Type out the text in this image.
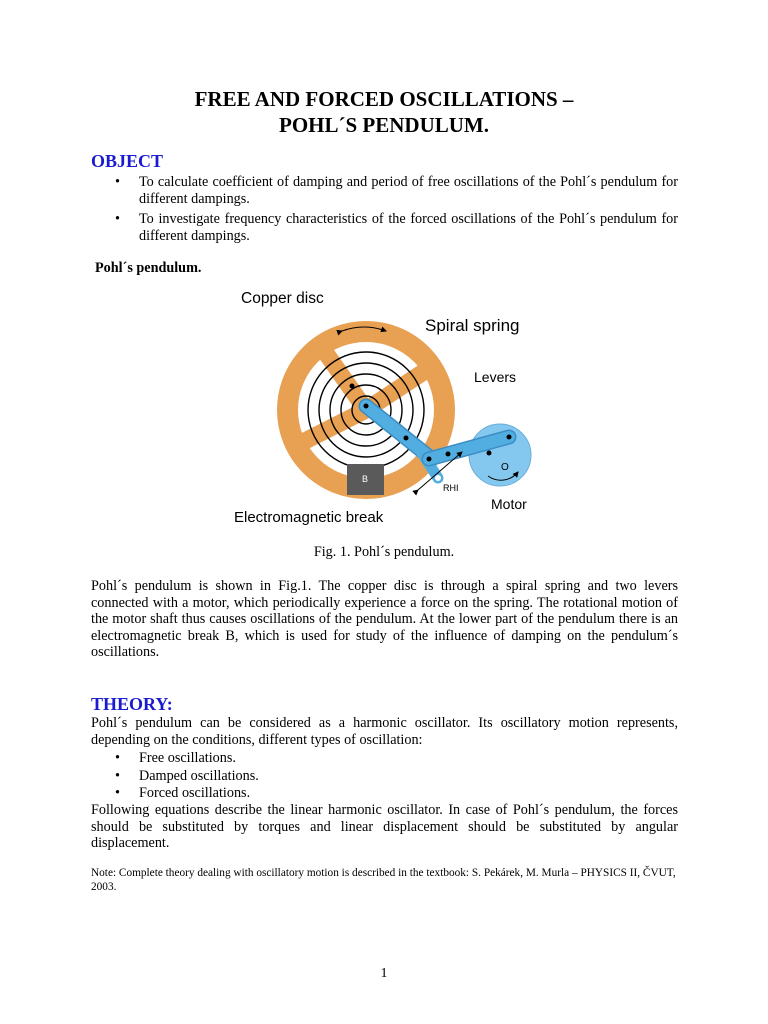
FREE AND FORCED OSCILLATIONS –
POHL´S PENDULUM.
OBJECT
• To calculate coefficient of damping and period of free oscillations of the Pohl´s pendulum for different dampings.
• To investigate frequency characteristics of the forced oscillations of the Pohl´s pendulum for different dampings.
Pohl´s pendulum.
Copper disc
Spiral spring
Levers
Motor
Electromagnetic break
B
RHI
O
Fig. 1. Pohl´s pendulum.
Pohl´s pendulum is shown in Fig.1. The copper disc is through a spiral spring and two levers connected with a motor, which periodically experience a force on the spring. The rotational motion of the motor shaft thus causes oscillations of the pendulum. At the lower part of the pendulum there is an electromagnetic break B, which is used for study of the influence of damping on the pendulum´s oscillations.
THEORY:
Pohl´s pendulum can be considered as a harmonic oscillator. Its oscillatory motion represents, depending on the conditions, different types of oscillation:
• Free oscillations.
• Damped oscillations.
• Forced oscillations.
Following equations describe the linear harmonic oscillator. In case of Pohl´s pendulum, the forces should be substituted by torques and linear displacement should be substituted by angular displacement.
Note: Complete theory dealing with oscillatory motion is described in the textbook: S. Pekárek, M. Murla – PHYSICS II, ČVUT, 2003.
1
